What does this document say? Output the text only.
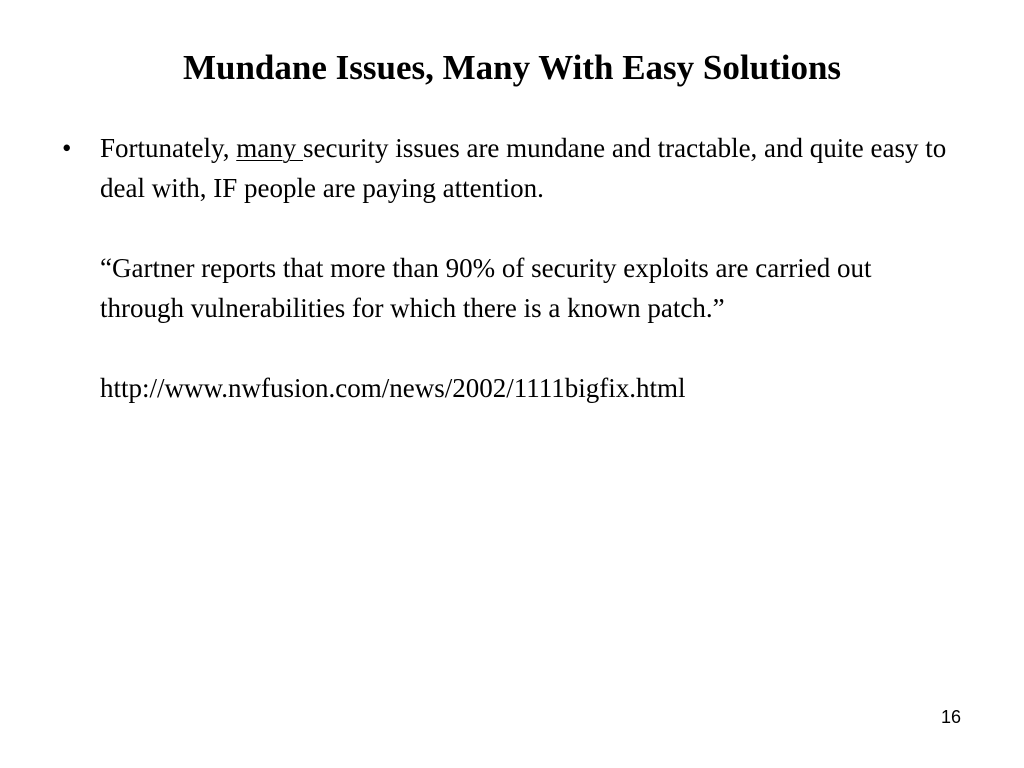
Mundane Issues, Many With Easy Solutions
• Fortunately, many security issues are mundane and tractable, and quite easy to deal with, IF people are paying attention.

“Gartner reports that more than 90% of security exploits are carried out through vulnerabilities for which there is a known patch.”

http://www.nwfusion.com/news/2002/1111bigfix.html

16
